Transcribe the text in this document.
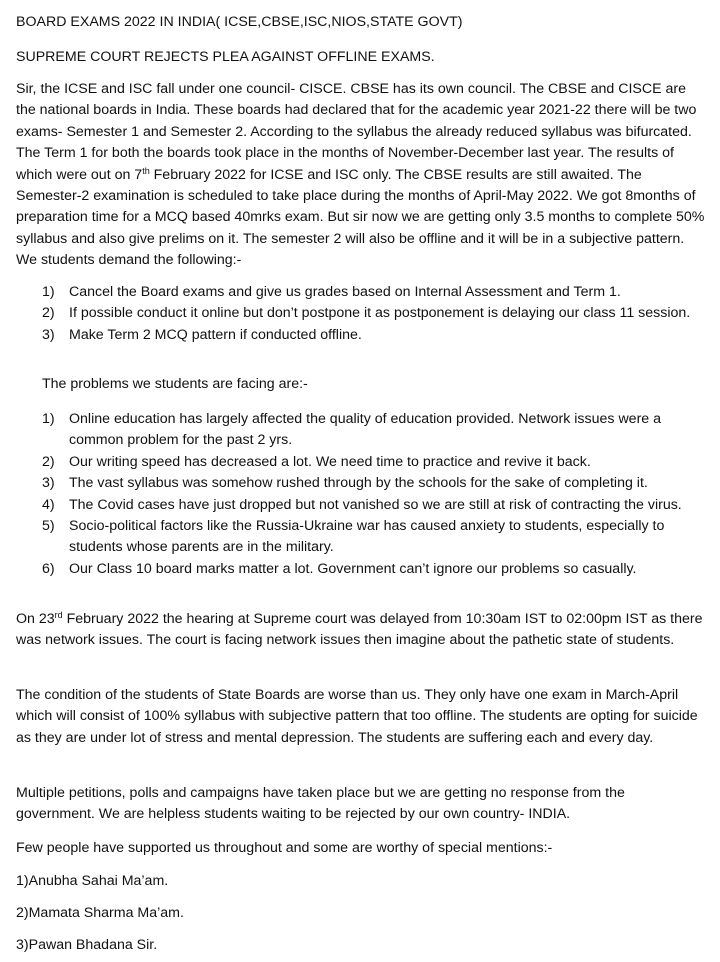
BOARD EXAMS 2022 IN INDIA( ICSE,CBSE,ISC,NIOS,STATE GOVT)
SUPREME COURT REJECTS PLEA AGAINST OFFLINE EXAMS.

Sir, the ICSE and ISC fall under one council- CISCE. CBSE has its own council. The CBSE and CISCE are the national boards in India. These boards had declared that for the academic year 2021-22 there will be two exams- Semester 1 and Semester 2. According to the syllabus the already reduced syllabus was bifurcated. The Term 1 for both the boards took place in the months of November-December last year. The results of which were out on 7th February 2022 for ICSE and ISC only. The CBSE results are still awaited. The Semester-2 examination is scheduled to take place during the months of April-May 2022. We got 8months of preparation time for a MCQ based 40mrks exam. But sir now we are getting only 3.5 months to complete 50% syllabus and also give prelims on it. The semester 2 will also be offline and it will be in a subjective pattern. We students demand the following:-

1)	Cancel the Board exams and give us grades based on Internal Assessment and Term 1.
2)	If possible conduct it online but don’t postpone it as postponement is delaying our class 11 session.
3)	Make Term 2 MCQ pattern if conducted offline.
The problems we students are facing are:-
1)	Online education has largely affected the quality of education provided. Network issues were a common problem for the past 2 yrs.
2)	Our writing speed has decreased a lot. We need time to practice and revive it back.
3)	The vast syllabus was somehow rushed through by the schools for the sake of completing it.
4)	The Covid cases have just dropped but not vanished so we are still at risk of contracting the virus.
5)	Socio-political factors like the Russia-Ukraine war has caused anxiety to students, especially to students whose parents are in the military.
6)	Our Class 10 board marks matter a lot. Government can’t ignore our problems so casually.

On 23rd February 2022 the hearing at Supreme court was delayed from 10:30am IST to 02:00pm IST as there was network issues. The court is facing network issues then imagine about the pathetic state of students.

The condition of the students of State Boards are worse than us. They only have one exam in March-April which will consist of 100% syllabus with subjective pattern that too offline. The students are opting for suicide as they are under lot of stress and mental depression. The students are suffering each and every day.

Multiple petitions, polls and campaigns have taken place but we are getting no response from the government. We are helpless students waiting to be rejected by our own country- INDIA.

Few people have supported us throughout and some are worthy of special mentions:-
1)Anubha Sahai Ma’am.
2)Mamata Sharma Ma’am.
3)Pawan Bhadana Sir.
